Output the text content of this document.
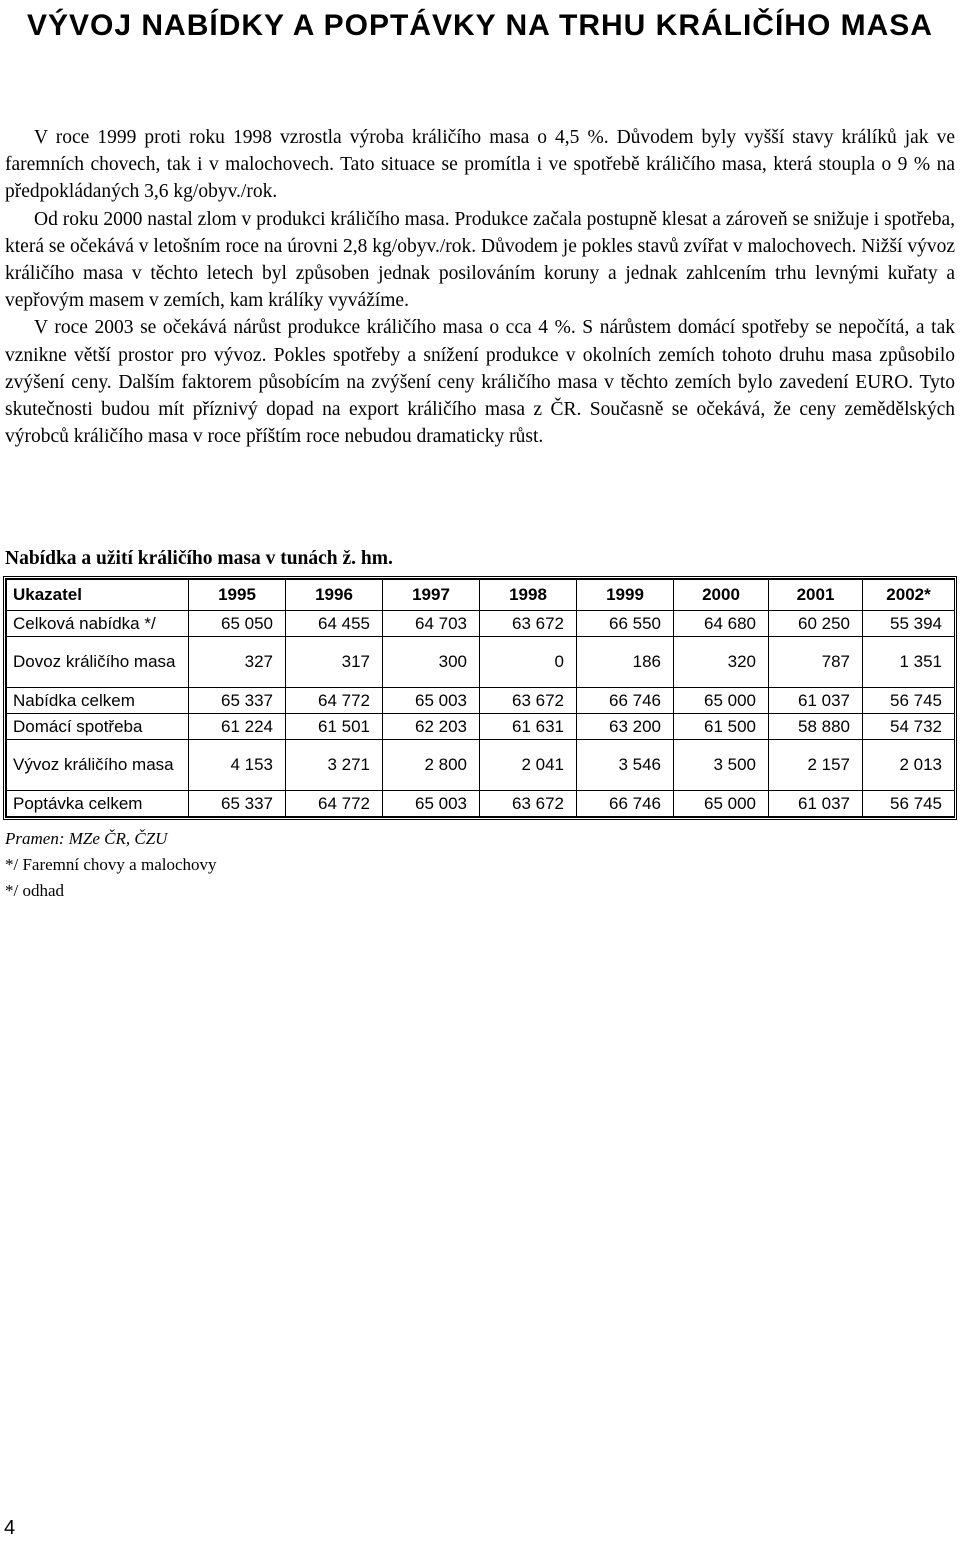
VÝVOJ NABÍDKY A POPTÁVKY NA TRHU KRÁLIČÍHO MASA

V roce 1999 proti roku 1998 vzrostla výroba králičího masa o 4,5 %. Důvodem byly vyšší stavy králíků jak ve faremních chovech, tak i v malochovech. Tato situace se promítla i ve spotřebě králičího masa, která stoupla o 9 % na předpokládaných 3,6 kg/obyv./rok.

Od roku 2000 nastal zlom v produkci králičího masa. Produkce začala postupně klesat a zároveň se snižuje i spotřeba, která se očekává v letošním roce na úrovni 2,8 kg/obyv./rok. Důvodem je pokles stavů zvířat v malochovech. Nižší vývoz králičího masa v těchto letech byl způsoben jednak posilováním koruny a jednak zahlcením trhu levnými kuřaty a vepřovým masem v zemích, kam králíky vyvážíme.

V roce 2003 se očekává nárůst produkce králičího masa o cca 4 %. S nárůstem domácí spotřeby se nepočítá, a tak vznikne větší prostor pro vývoz. Pokles spotřeby a snížení produkce v okolních zemích tohoto druhu masa způsobilo zvýšení ceny. Dalším faktorem působícím na zvýšení ceny králičího masa v těchto zemích bylo zavedení EURO. Tyto skutečnosti budou mít příznivý dopad na export králičího masa z ČR. Současně se očekává, že ceny zemědělských výrobců králičího masa v roce příštím roce nebudou dramaticky růst.

Nabídka a užití králičího masa v tunách ž. hm.
Ukazatel	1995	1996	1997	1998	1999	2000	2001	2002*
Celková nabídka */	65 050	64 455	64 703	63 672	66 550	64 680	60 250	55 394
Dovoz králičího masa	327	317	300	0	186	320	787	1 351
Nabídka celkem	65 337	64 772	65 003	63 672	66 746	65 000	61 037	56 745
Domácí spotřeba	61 224	61 501	62 203	61 631	63 200	61 500	58 880	54 732
Vývoz králičího masa	4 153	3 271	2 800	2 041	3 546	3 500	2 157	2 013
Poptávka celkem	65 337	64 772	65 003	63 672	66 746	65 000	61 037	56 745
Pramen: MZe ČR, ČZU
*/ Faremní chovy a malochovy
*/ odhad
4
